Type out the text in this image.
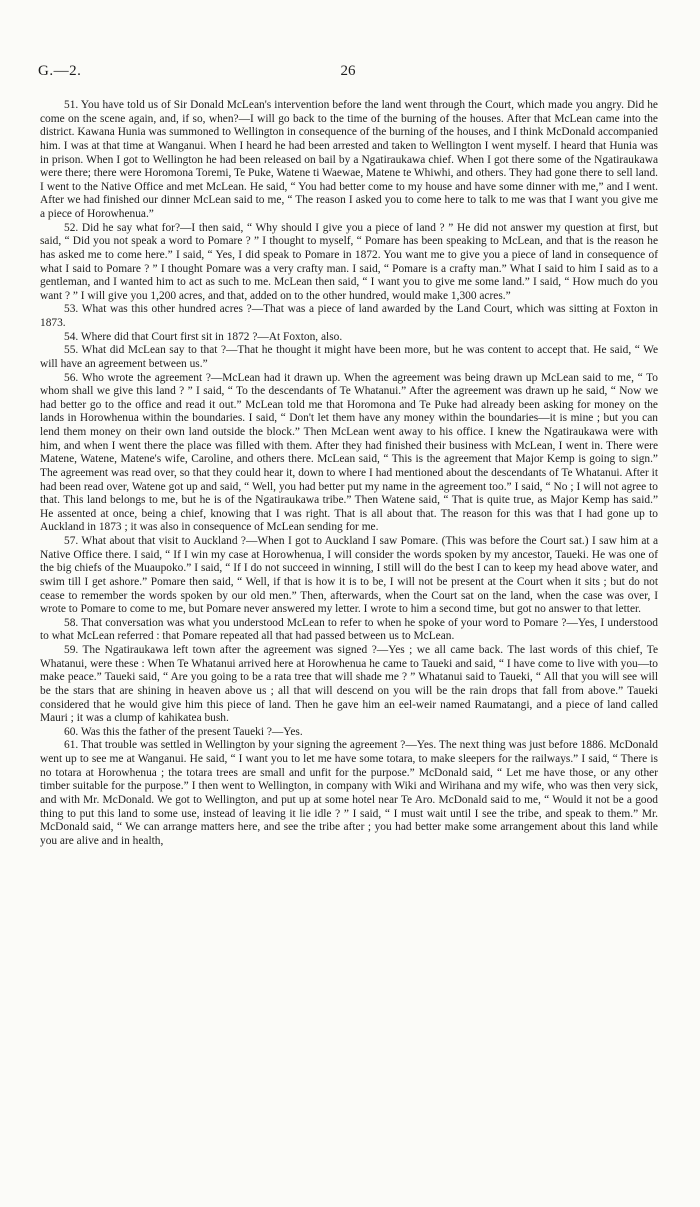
G.—2.	26

51. You have told us of Sir Donald McLean's intervention before the land went through the Court, which made you angry. Did he come on the scene again, and, if so, when?—I will go back to the time of the burning of the houses. After that McLean came into the district. Kawana Hunia was summoned to Wellington in consequence of the burning of the houses, and I think McDonald accompanied him. I was at that time at Wanganui. When I heard he had been arrested and taken to Wellington I went myself. I heard that Hunia was in prison. When I got to Wellington he had been released on bail by a Ngatiraukawa chief. When I got there some of the Ngatiraukawa were there; there were Horomona Toremi, Te Puke, Watene ti Waewae, Matene te Whiwhi, and others. They had gone there to sell land. I went to the Native Office and met McLean. He said, “ You had better come to my house and have some dinner with me,” and I went. After we had finished our dinner McLean said to me, “ The reason I asked you to come here to talk to me was that I want you give me a piece of Horowhenua.”

52. Did he say what for?—I then said, “ Why should I give you a piece of land ? ” He did not answer my question at first, but said, “ Did you not speak a word to Pomare ? ” I thought to myself, “ Pomare has been speaking to McLean, and that is the reason he has asked me to come here.” I said, “ Yes, I did speak to Pomare in 1872. You want me to give you a piece of land in consequence of what I said to Pomare ? ” I thought Pomare was a very crafty man. I said, “ Pomare is a crafty man.” What I said to him I said as to a gentleman, and I wanted him to act as such to me. McLean then said, “ I want you to give me some land.” I said, “ How much do you want ? ” I will give you 1,200 acres, and that, added on to the other hundred, would make 1,300 acres.”

53. What was this other hundred acres ?—That was a piece of land awarded by the Land Court, which was sitting at Foxton in 1873.

54. Where did that Court first sit in 1872 ?—At Foxton, also.

55. What did McLean say to that ?—That he thought it might have been more, but he was content to accept that. He said, “ We will have an agreement between us.”

56. Who wrote the agreement ?—McLean had it drawn up. When the agreement was being drawn up McLean said to me, “ To whom shall we give this land ? ” I said, “ To the descendants of Te Whatanui.” After the agreement was drawn up he said, “ Now we had better go to the office and read it out.” McLean told me that Horomona and Te Puke had already been asking for money on the lands in Horowhenua within the boundaries. I said, “ Don't let them have any money within the boundaries—it is mine ; but you can lend them money on their own land outside the block.” Then McLean went away to his office. I knew the Ngatiraukawa were with him, and when I went there the place was filled with them. After they had finished their business with McLean, I went in. There were Matene, Watene, Matene's wife, Caroline, and others there. McLean said, “ This is the agreement that Major Kemp is going to sign.” The agreement was read over, so that they could hear it, down to where I had mentioned about the descendants of Te Whatanui. After it had been read over, Watene got up and said, “ Well, you had better put my name in the agreement too.” I said, “ No ; I will not agree to that. This land belongs to me, but he is of the Ngatiraukawa tribe.” Then Watene said, “ That is quite true, as Major Kemp has said.” He assented at once, being a chief, knowing that I was right. That is all about that. The reason for this was that I had gone up to Auckland in 1873 ; it was also in consequence of McLean sending for me.

57. What about that visit to Auckland ?—When I got to Auckland I saw Pomare. (This was before the Court sat.) I saw him at a Native Office there. I said, “ If I win my case at Horowhenua, I will consider the words spoken by my ancestor, Taueki. He was one of the big chiefs of the Muaupoko.” I said, “ If I do not succeed in winning, I still will do the best I can to keep my head above water, and swim till I get ashore.” Pomare then said, “ Well, if that is how it is to be, I will not be present at the Court when it sits ; but do not cease to remember the words spoken by our old men.” Then, afterwards, when the Court sat on the land, when the case was over, I wrote to Pomare to come to me, but Pomare never answered my letter. I wrote to him a second time, but got no answer to that letter.

58. That conversation was what you understood McLean to refer to when he spoke of your word to Pomare ?—Yes, I understood to what McLean referred : that Pomare repeated all that had passed between us to McLean.

59. The Ngatiraukawa left town after the agreement was signed ?—Yes ; we all came back. The last words of this chief, Te Whatanui, were these : When Te Whatanui arrived here at Horowhenua he came to Taueki and said, “ I have come to live with you—to make peace.” Taueki said, “ Are you going to be a rata tree that will shade me ? ” Whatanui said to Taueki, “ All that you will see will be the stars that are shining in heaven above us ; all that will descend on you will be the rain drops that fall from above.” Taueki considered that he would give him this piece of land. Then he gave him an eel-weir named Raumatangi, and a piece of land called Mauri ; it was a clump of kahikatea bush.

60. Was this the father of the present Taueki ?—Yes.

61. That trouble was settled in Wellington by your signing the agreement ?—Yes. The next thing was just before 1886. McDonald went up to see me at Wanganui. He said, “ I want you to let me have some totara, to make sleepers for the railways.” I said, “ There is no totara at Horowhenua ; the totara trees are small and unfit for the purpose.” McDonald said, “ Let me have those, or any other timber suitable for the purpose.” I then went to Wellington, in company with Wiki and Wirihana and my wife, who was then very sick, and with Mr. McDonald. We got to Wellington, and put up at some hotel near Te Aro. McDonald said to me, “ Would it not be a good thing to put this land to some use, instead of leaving it lie idle ? ” I said, “ I must wait until I see the tribe, and speak to them.” Mr. McDonald said, “ We can arrange matters here, and see the tribe after ; you had better make some arrangement about this land while you are alive and in health,
